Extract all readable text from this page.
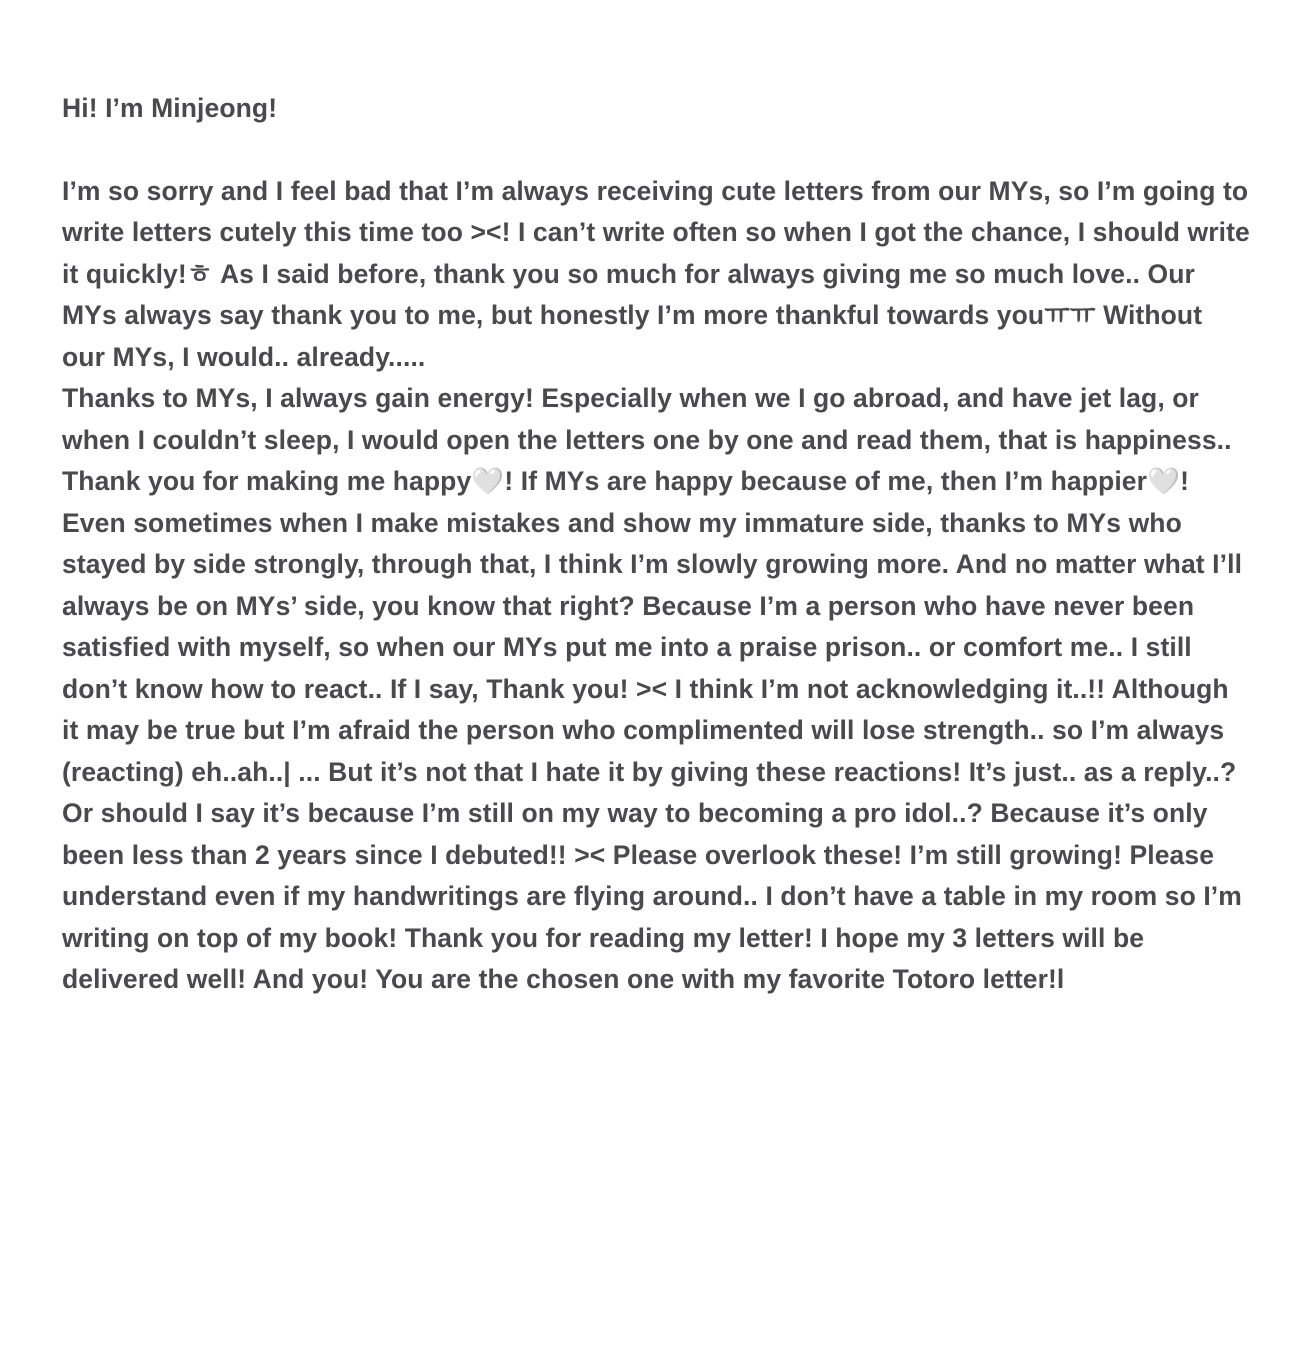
Hi! I’m Minjeong!

I’m so sorry and I feel bad that I’m always receiving cute letters from our MYs, so I’m going to write letters cutely this time too ><! I can’t write often so when I got the chance, I should write it quickly!ㅎ As I said before, thank you so much for always giving me so much love.. Our MYs always say thank you to me, but honestly I’m more thankful towards youㅠㅠ Without our MYs, I would.. already.....

Thanks to MYs, I always gain energy! Especially when we I go abroad, and have jet lag, or when I couldn’t sleep, I would open the letters one by one and read them, that is happiness.. Thank you for making me happy🤍! If MYs are happy because of me, then I’m happier🤍! Even sometimes when I make mistakes and show my immature side, thanks to MYs who stayed by side strongly, through that, I think I’m slowly growing more. And no matter what I’ll always be on MYs’ side, you know that right? Because I’m a person who have never been satisfied with myself, so when our MYs put me into a praise prison.. or comfort me.. I still don’t know how to react.. If I say, Thank you! >< I think I’m not acknowledging it..!! Although it may be true but I’m afraid the person who complimented will lose strength.. so I’m always (reacting) eh..ah..| ... But it’s not that I hate it by giving these reactions! It’s just.. as a reply..? Or should I say it’s because I’m still on my way to becoming a pro idol..? Because it’s only been less than 2 years since I debuted!! >< Please overlook these! I’m still growing! Please understand even if my handwritings are flying around.. I don’t have a table in my room so I’m writing on top of my book! Thank you for reading my letter! I hope my 3 letters will be delivered well! And you! You are the chosen one with my favorite Totoro letter!l
